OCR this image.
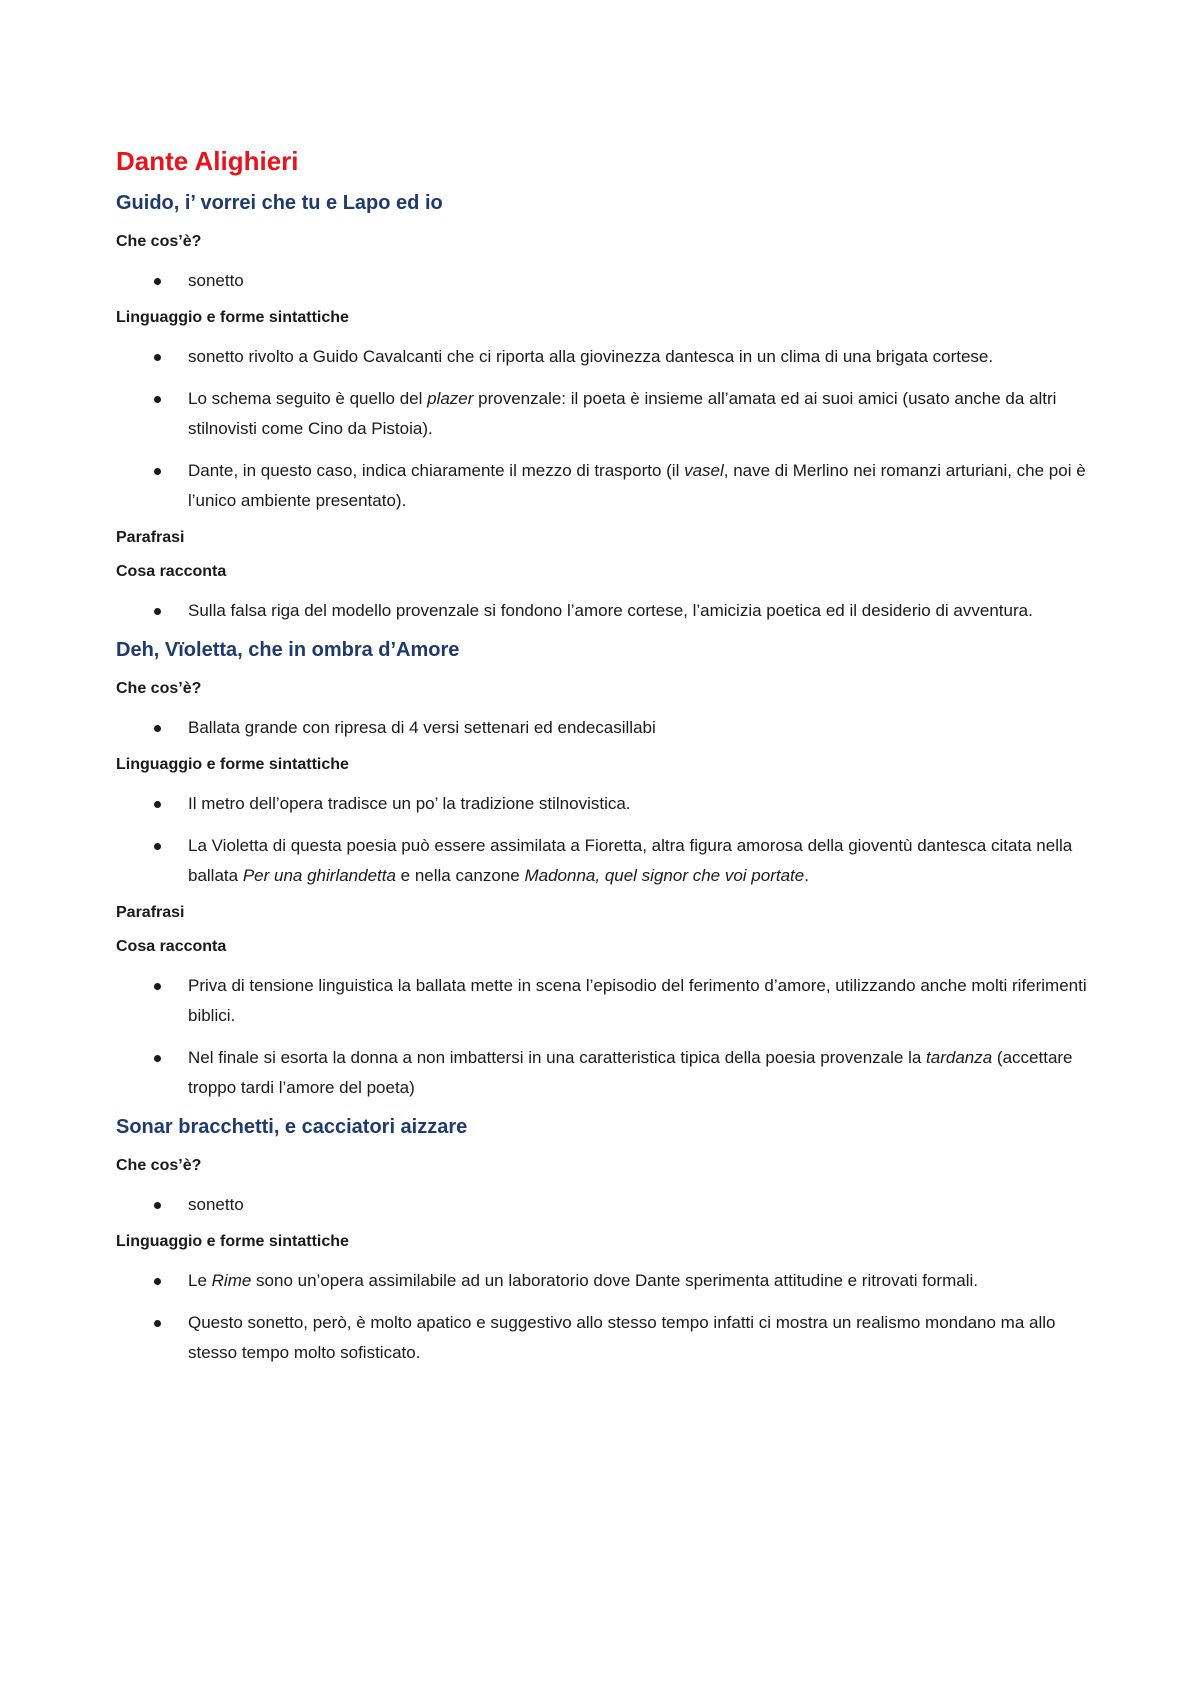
Dante Alighieri
Guido, i’ vorrei che tu e Lapo ed io
Che cos’è?
sonetto
Linguaggio e forme sintattiche
sonetto rivolto a Guido Cavalcanti che ci riporta alla giovinezza dantesca in un clima di una brigata cortese.
Lo schema seguito è quello del plazer provenzale: il poeta è insieme all’amata ed ai suoi amici (usato anche da altri stilnovisti come Cino da Pistoia).
Dante, in questo caso, indica chiaramente il mezzo di trasporto (il vasel, nave di Merlino nei romanzi arturiani, che poi è l’unico ambiente presentato).
Parafrasi
Cosa racconta
Sulla falsa riga del modello provenzale si fondono l’amore cortese, l’amicizia poetica ed il desiderio di avventura.
Deh, Vïoletta, che in ombra d’Amore
Che cos’è?
Ballata grande con ripresa di 4 versi settenari ed endecasillabi
Linguaggio e forme sintattiche
Il metro dell’opera tradisce un po’ la tradizione stilnovistica.
La Violetta di questa poesia può essere assimilata a Fioretta, altra figura amorosa della gioventù dantesca citata nella ballata Per una ghirlandetta e nella canzone Madonna, quel signor che voi portate.
Parafrasi
Cosa racconta
Priva di tensione linguistica la ballata mette in scena l’episodio del ferimento d’amore, utilizzando anche molti riferimenti biblici.
Nel finale si esorta la donna a non imbattersi in una caratteristica tipica della poesia provenzale la tardanza (accettare troppo tardi l’amore del poeta)
Sonar bracchetti, e cacciatori aizzare
Che cos’è?
sonetto
Linguaggio e forme sintattiche
Le Rime sono un’opera assimilabile ad un laboratorio dove Dante sperimenta attitudine e ritrovati formali.
Questo sonetto, però, è molto apatico e suggestivo allo stesso tempo infatti ci mostra un realismo mondano ma allo stesso tempo molto sofisticato.
